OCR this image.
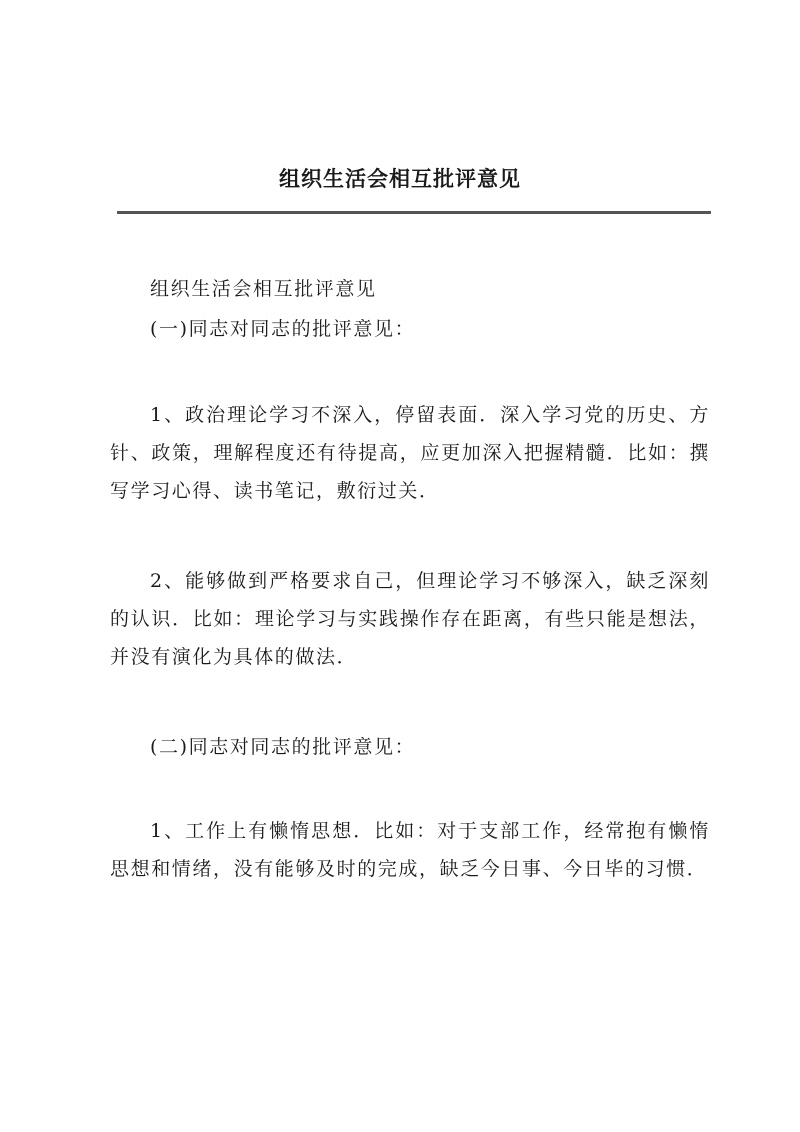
组织生活会相互批评意见

组织生活会相互批评意见

(一)同志对同志的批评意见：

1、政治理论学习不深入，停留表面．深入学习党的历史、方针、政策，理解程度还有待提高，应更加深入把握精髓．比如：撰写学习心得、读书笔记，敷衍过关．

2、能够做到严格要求自己，但理论学习不够深入，缺乏深刻的认识．比如：理论学习与实践操作存在距离，有些只能是想法，并没有演化为具体的做法．

(二)同志对同志的批评意见：

1、工作上有懒惰思想．比如：对于支部工作，经常抱有懒惰思想和情绪，没有能够及时的完成，缺乏今日事、今日毕的习惯．
